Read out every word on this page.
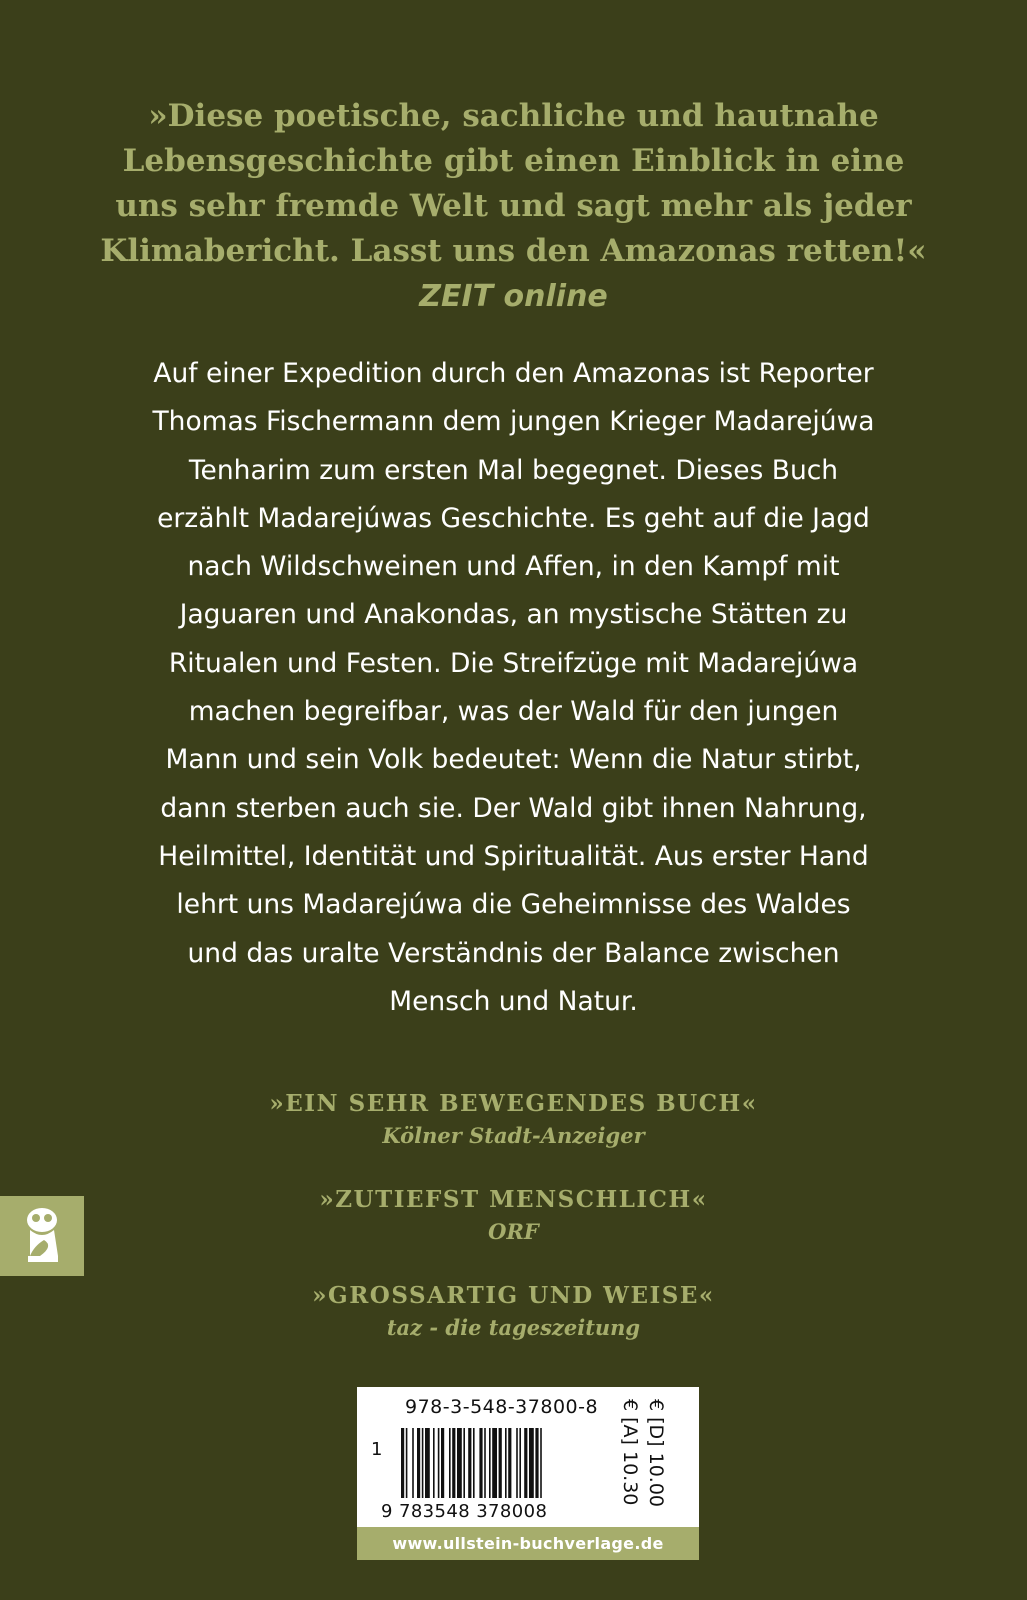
»Diese poetische, sachliche und hautnahe
Lebensgeschichte gibt einen Einblick in eine
uns sehr fremde Welt und sagt mehr als jeder
Klimabericht. Lasst uns den Amazonas retten!«
ZEIT online
Auf einer Expedition durch den Amazonas ist Reporter
Thomas Fischermann dem jungen Krieger Madarejúwa
Tenharim zum ersten Mal begegnet. Dieses Buch
erzählt Madarejúwas Geschichte. Es geht auf die Jagd
nach Wildschweinen und Affen, in den Kampf mit
Jaguaren und Anakondas, an mystische Stätten zu
Ritualen und Festen. Die Streifzüge mit Madarejúwa
machen begreifbar, was der Wald für den jungen
Mann und sein Volk bedeutet: Wenn die Natur stirbt,
dann sterben auch sie. Der Wald gibt ihnen Nahrung,
Heilmittel, Identität und Spiritualität. Aus erster Hand
lehrt uns Madarejúwa die Geheimnisse des Waldes
und das uralte Verständnis der Balance zwischen
Mensch und Natur.
»EIN SEHR BEWEGENDES BUCH«
Kölner Stadt-Anzeiger
»ZUTIEFST MENSCHLICH«
ORF
»GROSSARTIG UND WEISE«
taz - die tageszeitung
978-3-548-37800-8
1
9 783548 378008
€ [D] 10.00
€ [A] 10.30
www.ullstein-buchverlage.de
